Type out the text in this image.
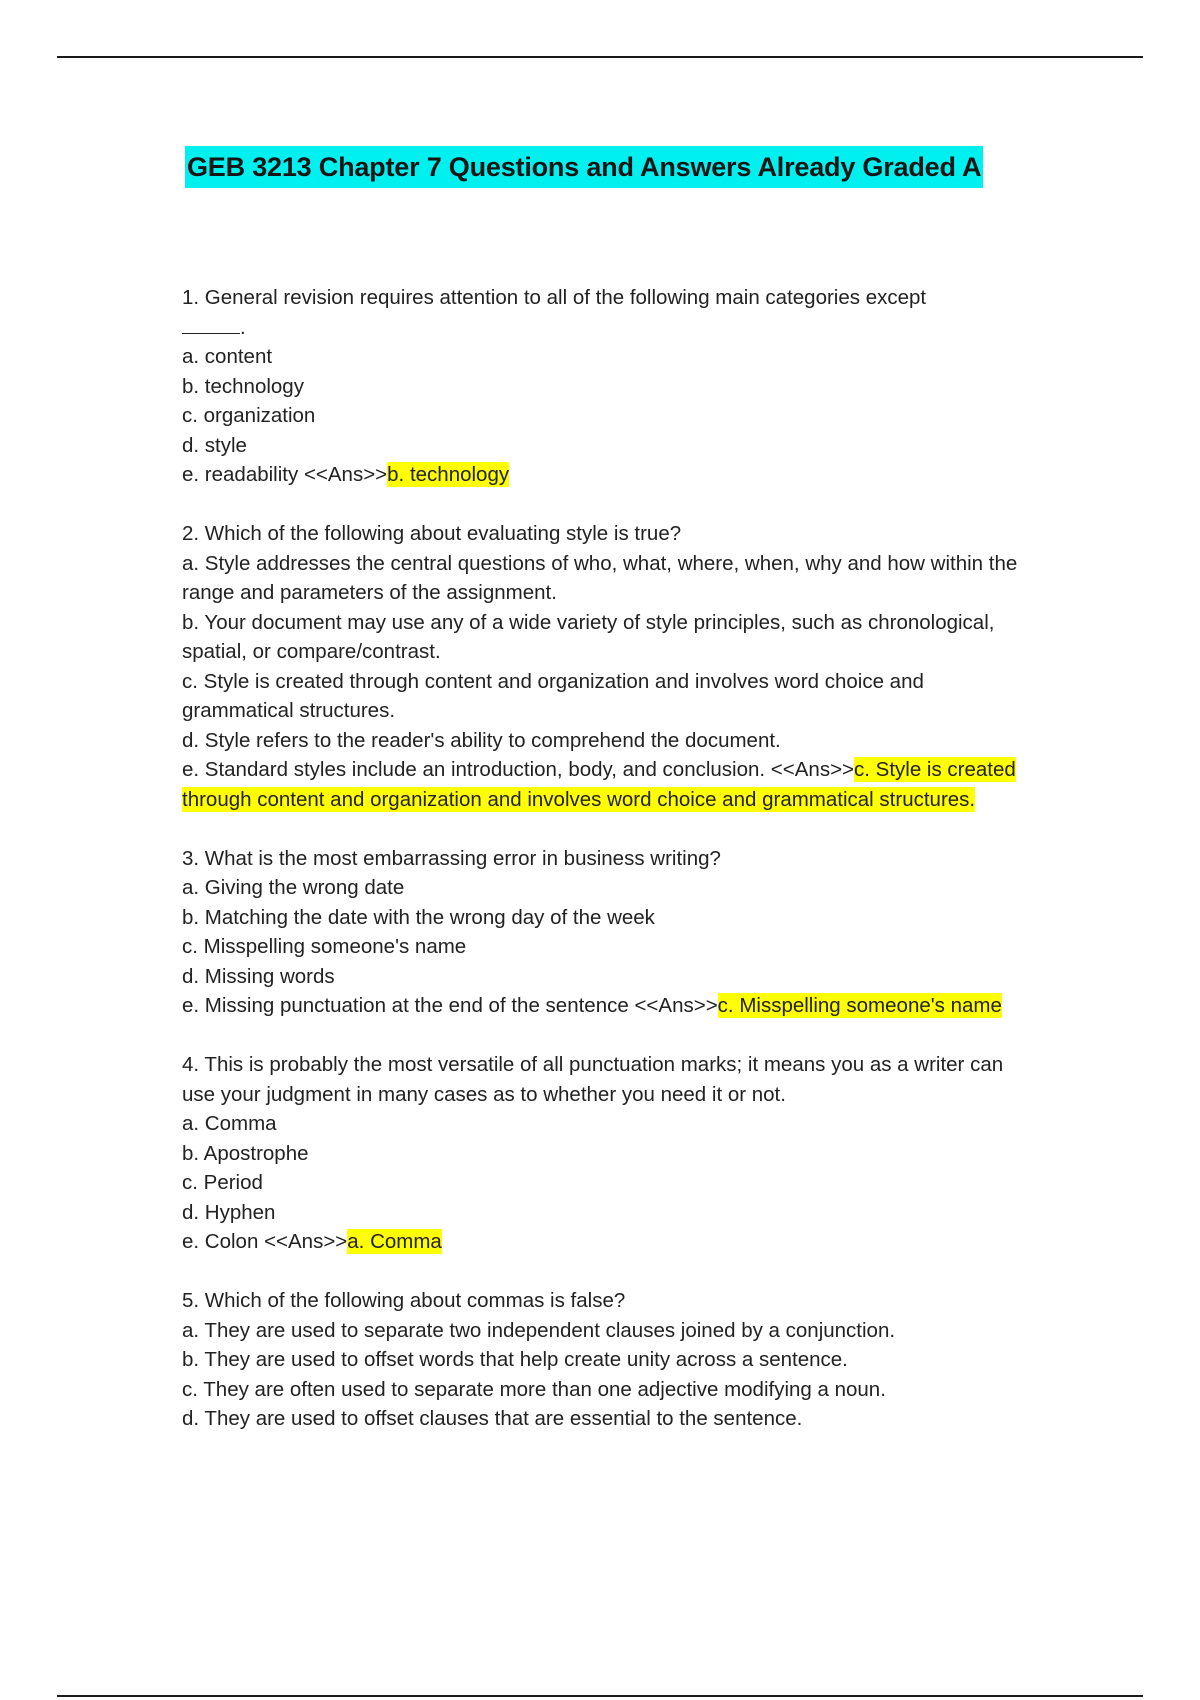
GEB 3213 Chapter 7 Questions and Answers Already Graded A

1. General revision requires attention to all of the following main categories except

.

a. content

b. technology

c. organization

d. style

e. readability <<Ans>>b. technology

2. Which of the following about evaluating style is true?

a. Style addresses the central questions of who, what, where, when, why and how within the range and parameters of the assignment.

b. Your document may use any of a wide variety of style principles, such as chronological, spatial, or compare/contrast.

c. Style is created through content and organization and involves word choice and grammatical structures.

d. Style refers to the reader's ability to comprehend the document.

e. Standard styles include an introduction, body, and conclusion. <<Ans>>c. Style is created through content and organization and involves word choice and grammatical structures.

3. What is the most embarrassing error in business writing?

a. Giving the wrong date

b. Matching the date with the wrong day of the week

c. Misspelling someone's name

d. Missing words

e. Missing punctuation at the end of the sentence <<Ans>>c. Misspelling someone's name

4. This is probably the most versatile of all punctuation marks; it means you as a writer can use your judgment in many cases as to whether you need it or not.

a. Comma

b. Apostrophe

c. Period

d. Hyphen

e. Colon <<Ans>>a. Comma

5. Which of the following about commas is false?

a. They are used to separate two independent clauses joined by a conjunction.

b. They are used to offset words that help create unity across a sentence.

c. They are often used to separate more than one adjective modifying a noun.

d. They are used to offset clauses that are essential to the sentence.
